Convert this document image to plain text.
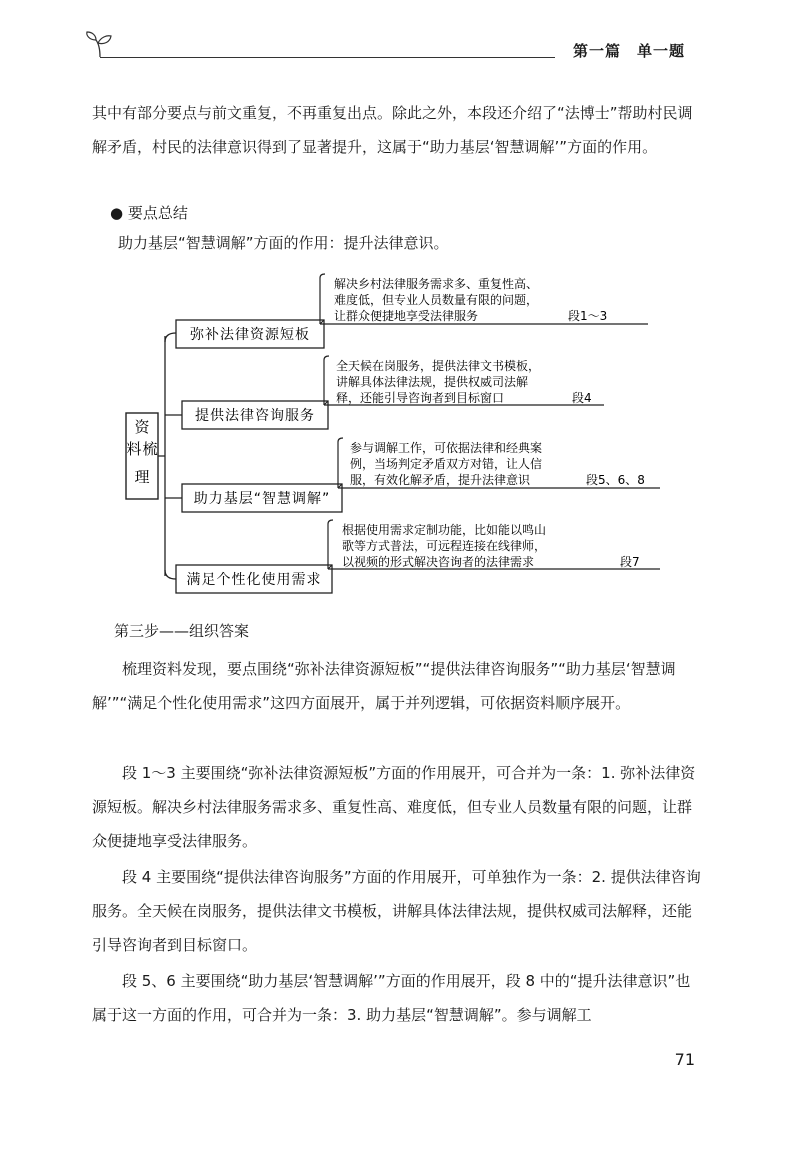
第一篇　单一题

其中有部分要点与前文重复，不再重复出点。除此之外，本段还介绍了“法博士”帮助村民调解矛盾，村民的法律意识得到了显著提升，这属于“助力基层‘智慧调解’”方面的作用。

● 要点总结
助力基层“智慧调解”方面的作用：提升法律意识。
资
料 梳
理
弥补法律资源短板
解决乡村法律服务需求多、重复性高、
难度低，但专业人员数量有限的问题，
让群众便捷地享受法律服务	段1～3
提供法律咨询服务
全天候在岗服务，提供法律文书模板，
讲解具体法律法规，提供权威司法解
释，还能引导咨询者到目标窗口	段4
助力基层“智慧调解”
参与调解工作，可依据法律和经典案
例，当场判定矛盾双方对错，让人信
服，有效化解矛盾，提升法律意识	段5、6、8
满足个性化使用需求
根据使用需求定制功能，比如能以鸣山
歌等方式普法，可远程连接在线律师，
以视频的形式解决咨询者的法律需求	段7
第三步——组织答案

梳理资料发现，要点围绕“弥补法律资源短板”“提供法律咨询服务”“助力基层‘智慧调解’”“满足个性化使用需求”这四方面展开，属于并列逻辑，可依据资料顺序展开。

段 1～3 主要围绕“弥补法律资源短板”方面的作用展开，可合并为一条：1. 弥补法律资源短板。解决乡村法律服务需求多、重复性高、难度低，但专业人员数量有限的问题，让群众便捷地享受法律服务。

段 4 主要围绕“提供法律咨询服务”方面的作用展开，可单独作为一条：2. 提供法律咨询服务。全天候在岗服务，提供法律文书模板，讲解具体法律法规，提供权威司法解释，还能引导咨询者到目标窗口。

段 5、6 主要围绕“助力基层‘智慧调解’”方面的作用展开，段 8 中的“提升法律意识”也属于这一方面的作用，可合并为一条：3. 助力基层“智慧调解”。参与调解工

71
